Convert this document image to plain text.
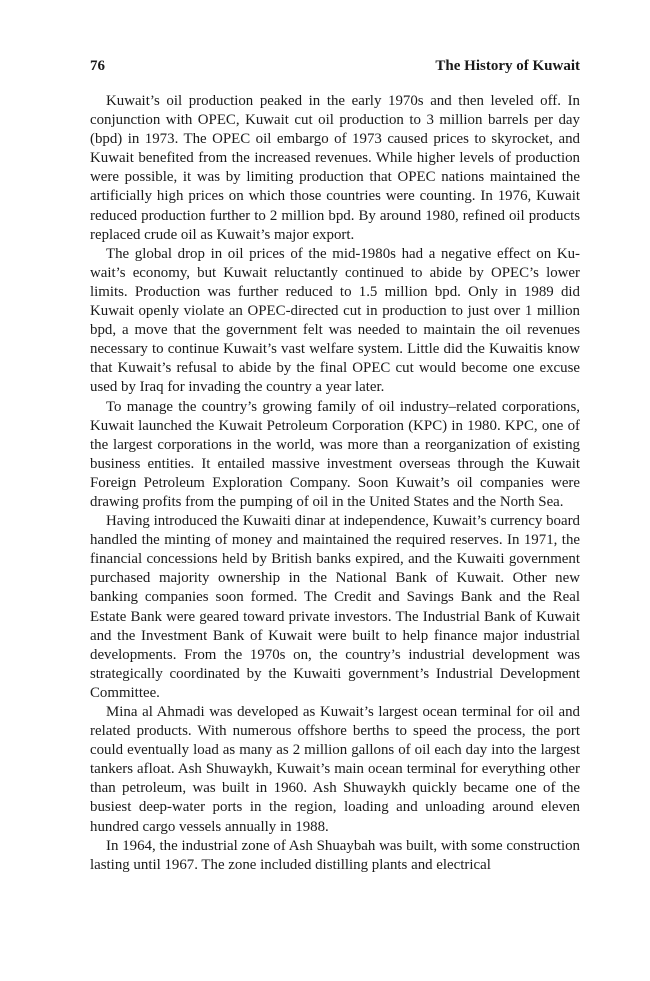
76	The History of Kuwait

Kuwait’s oil production peaked in the early 1970s and then leveled off. In conjunction with OPEC, Kuwait cut oil production to 3 million barrels per day (bpd) in 1973. The OPEC oil embargo of 1973 caused prices to skyrocket, and Kuwait benefited from the increased revenues. While higher levels of production were possible, it was by limiting production that OPEC nations maintained the artificially high prices on which those countries were counting. In 1976, Kuwait reduced production further to 2 million bpd. By around 1980, refined oil products replaced crude oil as Kuwait’s major export.

The global drop in oil prices of the mid-1980s had a negative effect on Kuwait’s economy, but Kuwait reluctantly continued to abide by OPEC’s lower limits. Production was further reduced to 1.5 million bpd. Only in 1989 did Kuwait openly violate an OPEC-directed cut in production to just over 1 million bpd, a move that the government felt was needed to maintain the oil revenues necessary to continue Kuwait’s vast welfare system. Little did the Kuwaitis know that Kuwait’s refusal to abide by the final OPEC cut would become one excuse used by Iraq for invading the country a year later.

To manage the country’s growing family of oil industry–related corporations, Kuwait launched the Kuwait Petroleum Corporation (KPC) in 1980. KPC, one of the largest corporations in the world, was more than a reorganization of existing business entities. It entailed massive investment overseas through the Kuwait Foreign Petroleum Exploration Company. Soon Kuwait’s oil companies were drawing profits from the pumping of oil in the United States and the North Sea.

Having introduced the Kuwaiti dinar at independence, Kuwait’s currency board handled the minting of money and maintained the required reserves. In 1971, the financial concessions held by British banks expired, and the Kuwaiti government purchased majority ownership in the National Bank of Kuwait. Other new banking companies soon formed. The Credit and Savings Bank and the Real Estate Bank were geared toward private investors. The Industrial Bank of Kuwait and the Investment Bank of Kuwait were built to help finance major industrial developments. From the 1970s on, the country’s industrial development was strategically coordinated by the Kuwaiti government’s Industrial Development Committee.

Mina al Ahmadi was developed as Kuwait’s largest ocean terminal for oil and related products. With numerous offshore berths to speed the process, the port could eventually load as many as 2 million gallons of oil each day into the largest tankers afloat. Ash Shuwaykh, Kuwait’s main ocean terminal for everything other than petroleum, was built in 1960. Ash Shuwaykh quickly became one of the busiest deep-water ports in the region, loading and unloading around eleven hundred cargo vessels annually in 1988.

In 1964, the industrial zone of Ash Shuaybah was built, with some construction lasting until 1967. The zone included distilling plants and electrical
